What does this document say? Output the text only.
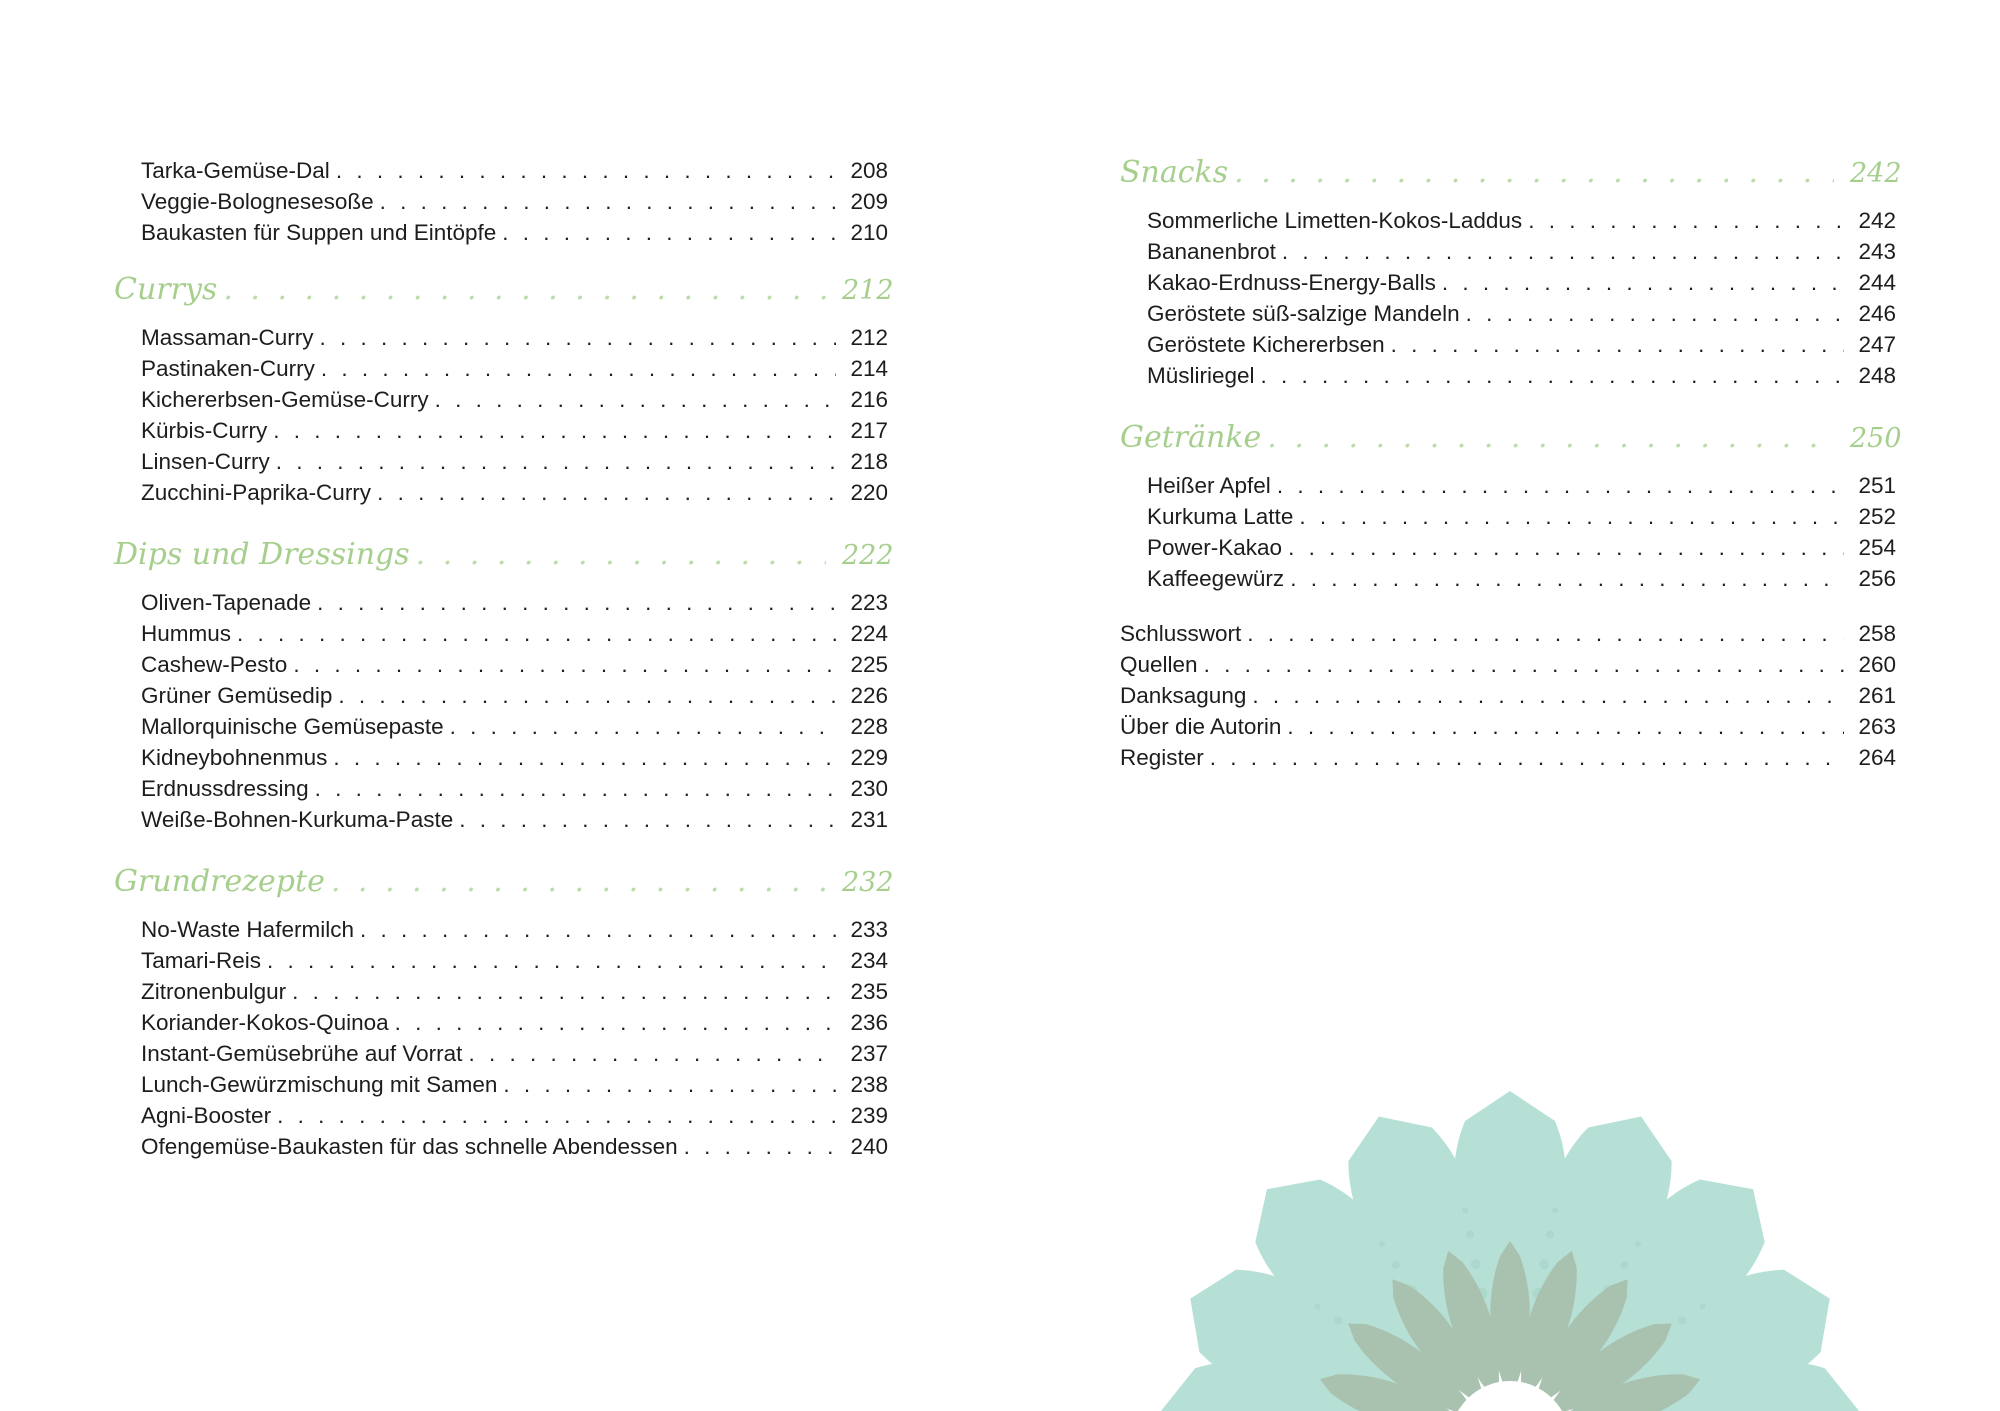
Tarka-Gemüse-Dal . . .	208
Veggie-Bolognesesoße . . .	209
Baukasten für Suppen und Eintöpfe . . .	210
Currys . . .	212
Massaman-Curry . . .	212
Pastinaken-Curry . . .	214
Kichererbsen-Gemüse-Curry . . .	216
Kürbis-Curry . . .	217
Linsen-Curry . . .	218
Zucchini-Paprika-Curry . . .	220
Dips und Dressings . . .	222
Oliven-Tapenade . . .	223
Hummus . . .	224
Cashew-Pesto . . .	225
Grüner Gemüsedip . . .	226
Mallorquinische Gemüsepaste . . .	228
Kidneybohnenmus . . .	229
Erdnussdressing . . .	230
Weiße-Bohnen-Kurkuma-Paste . . .	231
Grundrezepte . . .	232
No-Waste Hafermilch . . .	233
Tamari-Reis . . .	234
Zitronenbulgur . . .	235
Koriander-Kokos-Quinoa . . .	236
Instant-Gemüsebrühe auf Vorrat . . .	237
Lunch-Gewürzmischung mit Samen . . .	238
Agni-Booster . . .	239
Ofengemüse-Baukasten für das schnelle Abendessen . . .	240
Snacks . . .	242
Sommerliche Limetten-Kokos-Laddus . . .	242
Bananenbrot . . .	243
Kakao-Erdnuss-Energy-Balls . . .	244
Geröstete süß-salzige Mandeln . . .	246
Geröstete Kichererbsen . . .	247
Müsliriegel . . .	248
Getränke . . .	250
Heißer Apfel . . .	251
Kurkuma Latte . . .	252
Power-Kakao . . .	254
Kaffeegewürz . . .	256
Schlusswort . . .	258
Quellen . . .	260
Danksagung . . .	261
Über die Autorin . . .	263
Register . . .	264
